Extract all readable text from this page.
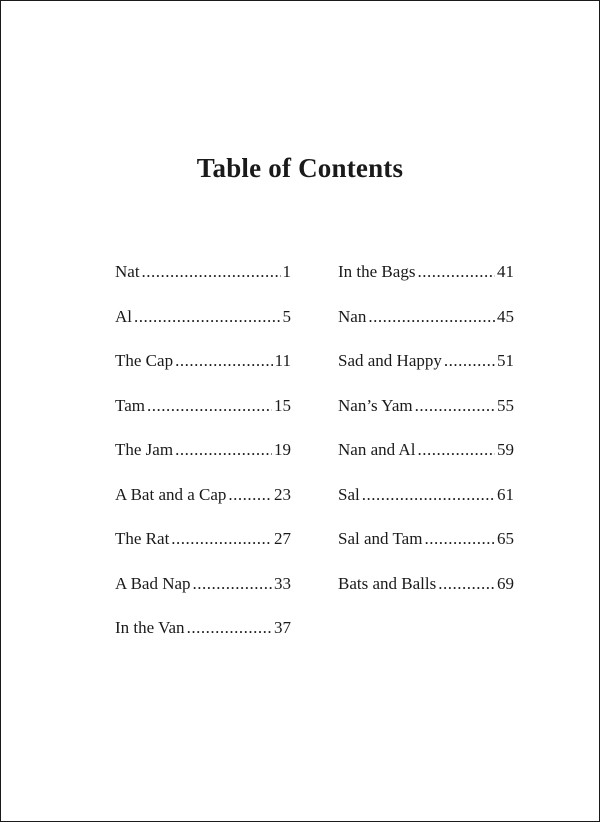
Table of Contents
Nat .....	1
Al .....	5
The Cap .....	11
Tam .....	15
The Jam .....	19
A Bat and a Cap .....	23
The Rat .....	27
A Bad Nap .....	33
In the Van .....	37
In the Bags .....	41
Nan .....	45
Sad and Happy .....	51
Nan’s Yam .....	55
Nan and Al .....	59
Sal .....	61
Sal and Tam .....	65
Bats and Balls .....	69
